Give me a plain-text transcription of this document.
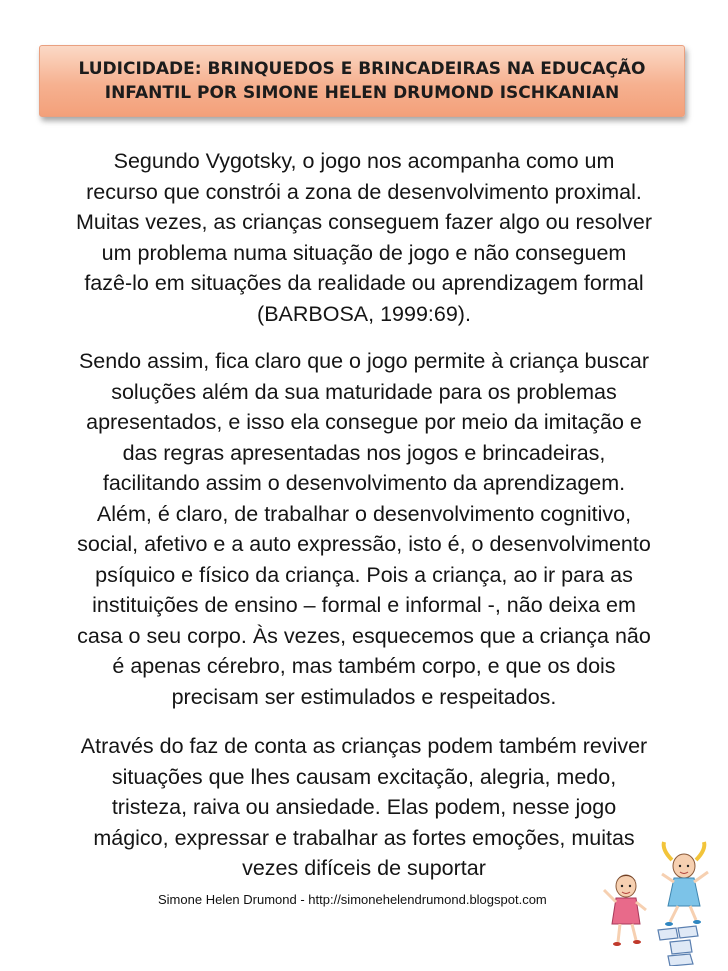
LUDICIDADE: BRINQUEDOS E BRINCADEIRAS NA EDUCAÇÃO
INFANTIL POR SIMONE HELEN DRUMOND ISCHKANIAN
Segundo Vygotsky, o jogo nos acompanha como um
recurso que constrói a zona de desenvolvimento proximal.
Muitas vezes, as crianças conseguem fazer algo ou resolver
um problema numa situação de jogo e não conseguem
fazê-lo em situações da realidade ou aprendizagem formal
(BARBOSA, 1999:69).
Sendo assim, fica claro que o jogo permite à criança buscar
soluções além da sua maturidade para os problemas
apresentados, e isso ela consegue por meio da imitação e
das regras apresentadas nos jogos e brincadeiras,
facilitando assim o desenvolvimento da aprendizagem.
Além, é claro, de trabalhar o desenvolvimento cognitivo,
social, afetivo e a auto expressão, isto é, o desenvolvimento
psíquico e físico da criança. Pois a criança, ao ir para as
instituições de ensino – formal e informal -, não deixa em
casa o seu corpo. Às vezes, esquecemos que a criança não
é apenas cérebro, mas também corpo, e que os dois
precisam ser estimulados e respeitados.
Através do faz de conta as crianças podem também reviver
situações que lhes causam excitação, alegria, medo,
tristeza, raiva ou ansiedade. Elas podem, nesse jogo
mágico, expressar e trabalhar as fortes emoções, muitas
vezes difíceis de suportar
Simone Helen Drumond - http://simonehelendrumond.blogspot.com
